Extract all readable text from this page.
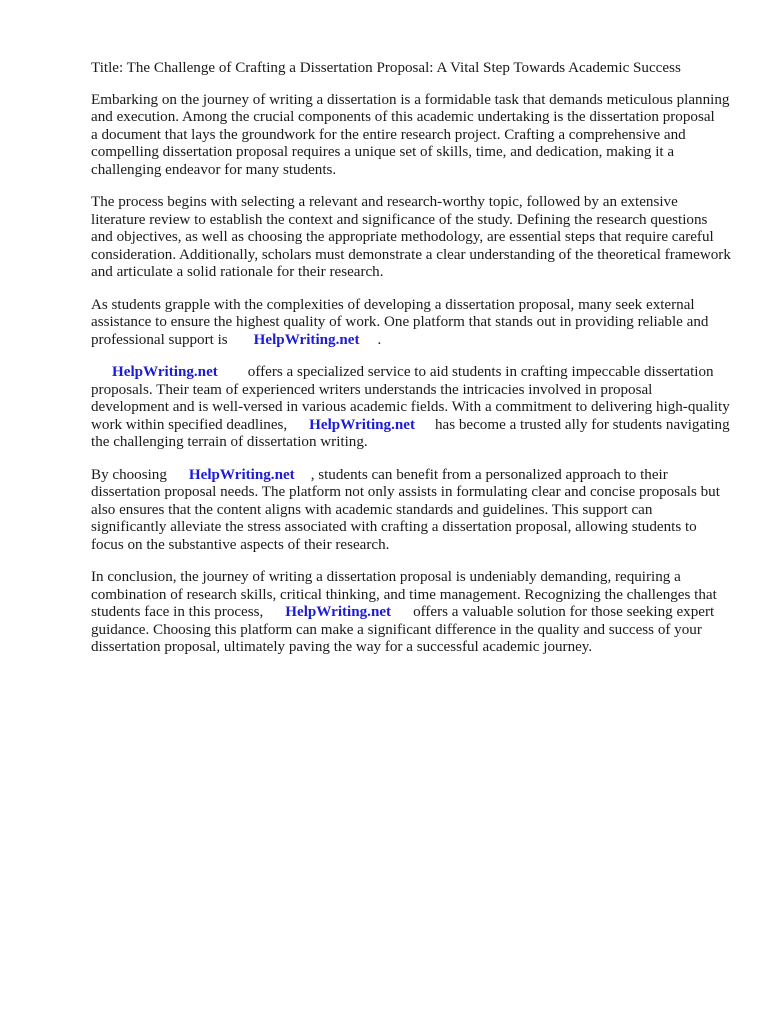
Title: The Challenge of Crafting a Dissertation Proposal: A Vital Step Towards Academic Success

Embarking on the journey of writing a dissertation is a formidable task that demands meticulous planning and execution. Among the crucial components of this academic undertaking is the dissertation proposala document that lays the groundwork for the entire research project. Crafting a comprehensive and compelling dissertation proposal requires a unique set of skills, time, and dedication, making it a challenging endeavor for many students.

The process begins with selecting a relevant and research-worthy topic, followed by an extensive literature review to establish the context and significance of the study. Defining the research questions and objectives, as well as choosing the appropriate methodology, are essential steps that require careful consideration. Additionally, scholars must demonstrate a clear understanding of the theoretical framework and articulate a solid rationale for their research.

As students grapple with the complexities of developing a dissertation proposal, many seek external assistance to ensure the highest quality of work. One platform that stands out in providing reliable and professional support is HelpWriting.net .

HelpWriting.net offers a specialized service to aid students in crafting impeccable dissertation proposals. Their team of experienced writers understands the intricacies involved in proposal development and is well-versed in various academic fields. With a commitment to delivering high-quality work within specified deadlines, HelpWriting.net has become a trusted ally for students navigating the challenging terrain of dissertation writing.

By choosing HelpWriting.net , students can benefit from a personalized approach to their dissertation proposal needs. The platform not only assists in formulating clear and concise proposals but also ensures that the content aligns with academic standards and guidelines. This support can significantly alleviate the stress associated with crafting a dissertation proposal, allowing students to focus on the substantive aspects of their research.

In conclusion, the journey of writing a dissertation proposal is undeniably demanding, requiring a combination of research skills, critical thinking, and time management. Recognizing the challenges that students face in this process, HelpWriting.net offers a valuable solution for those seeking expert guidance. Choosing this platform can make a significant difference in the quality and success of your dissertation proposal, ultimately paving the way for a successful academic journey.
